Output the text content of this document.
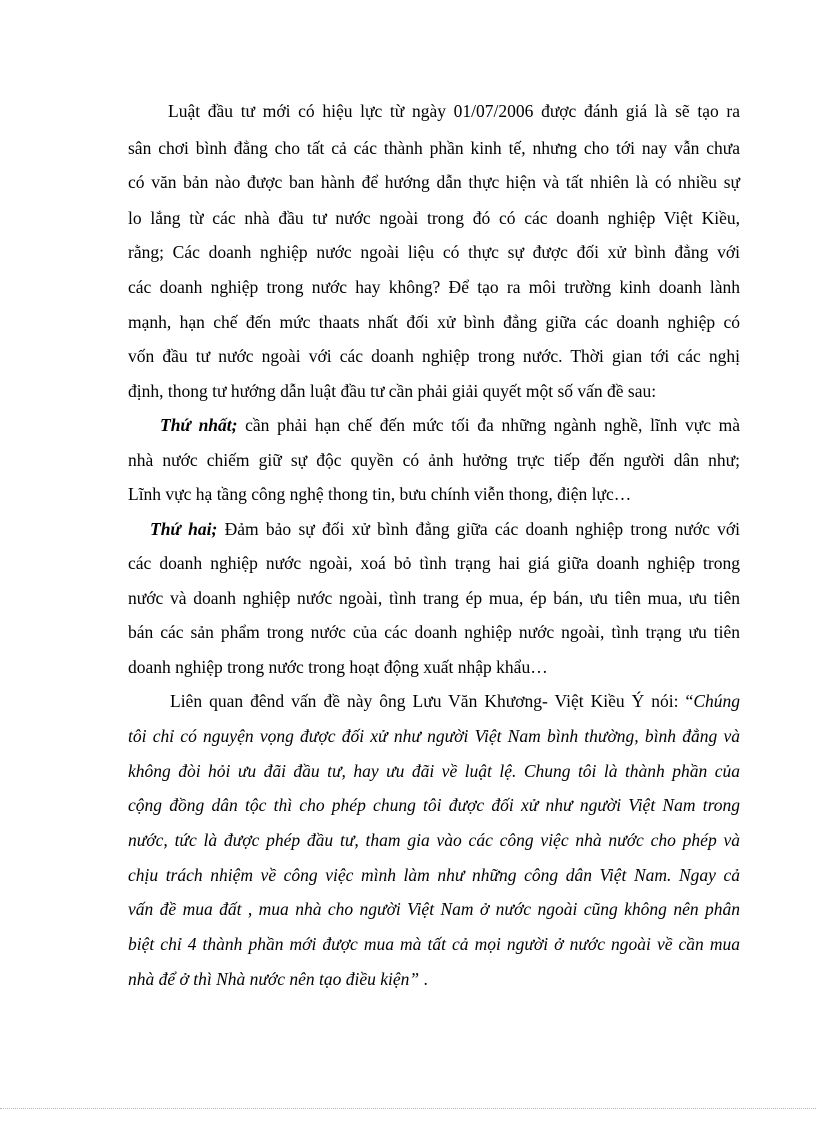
Luật đầu tư mới có hiệu lực từ ngày 01/07/2006 được đánh giá là sẽ tạo ra
sân chơi bình đẳng cho tất cả các thành phần kinh tế, nhưng cho tới nay vẫn chưa
có văn bản nào được ban hành để hướng dẫn thực hiện và tất nhiên là có nhiều sự
lo lắng từ các nhà đầu tư nước ngoài trong đó có các doanh nghiệp Việt Kiều,
rằng; Các doanh nghiệp nước ngoài liệu có thực sự được đối xử bình đẳng với
các doanh nghiệp trong nước hay không? Để tạo ra môi trường kinh doanh lành
mạnh, hạn chế đến mức thaats nhất đối xử bình đẳng giữa các doanh nghiệp có
vốn đầu tư nước ngoài với các doanh nghiệp trong nước. Thời gian tới các nghị
định, thong tư hướng dẫn luật đầu tư cần phải giải quyết một số vấn đề sau:
Thứ nhất; cần phải hạn chế đến mức tối đa những ngành nghề, lĩnh vực mà
nhà nước chiếm giữ sự độc quyền có ảnh hưởng trực tiếp đến người dân như;
Lĩnh vực hạ tầng công nghệ thong tin, bưu chính viễn thong, điện lực…
Thứ hai; Đảm bảo sự đối xử bình đẳng giữa các doanh nghiệp trong nước với
các doanh nghiệp nước ngoài, xoá bỏ tình trạng hai giá giữa doanh nghiệp trong
nước và doanh nghiệp nước ngoài, tình trang ép mua, ép bán, ưu tiên mua, ưu tiên
bán các sản phẩm trong nước của các doanh nghiệp nước ngoài, tình trạng ưu tiên
doanh nghiệp trong nước trong hoạt động xuất nhập khẩu…
Liên quan đênd vấn đề này ông Lưu Văn Khương- Việt Kiều Ý nói: “Chúng
tôi chỉ có nguyện vọng được đối xử như người Việt Nam bình thường, bình đẳng và
không đòi hỏi ưu đãi đầu tư, hay ưu đãi về luật lệ. Chung tôi là thành phần của
cộng đồng dân tộc thì cho phép chung tôi được đối xử như người Việt Nam trong
nước, tức là được phép đầu tư, tham gia vào các công việc nhà nước cho phép và
chịu trách nhiệm về công việc mình làm như những công dân Việt Nam. Ngay cả
vấn đề mua đất , mua nhà cho người Việt Nam ở nước ngoài cũng không nên phân
biệt chỉ 4 thành phần mới được mua mà tất cả mọi người ở nước ngoài về cần mua
nhà để ở thì Nhà nước nên tạo điều kiện” .
